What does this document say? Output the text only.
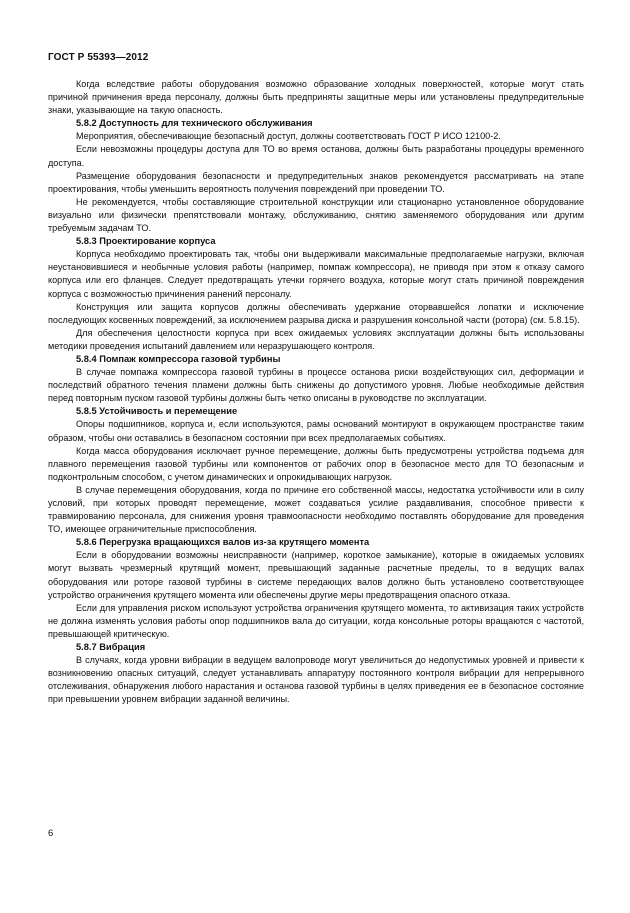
ГОСТ Р 55393—2012

Когда вследствие работы оборудования возможно образование холодных поверхностей, которые могут стать причиной причинения вреда персоналу, должны быть предприняты защитные меры или установлены предупредительные знаки, указывающие на такую опасность.

5.8.2 Доступность для технического обслуживания

Мероприятия, обеспечивающие безопасный доступ, должны соответствовать ГОСТ Р ИСО 12100-2.

Если невозможны процедуры доступа для ТО во время останова, должны быть разработаны процедуры временного доступа.

Размещение оборудования безопасности и предупредительных знаков рекомендуется рассматривать на этапе проектирования, чтобы уменьшить вероятность получения повреждений при проведении ТО.

Не рекомендуется, чтобы составляющие строительной конструкции или стационарно установленное оборудование визуально или физически препятствовали монтажу, обслуживанию, снятию заменяемого оборудования или другим требуемым задачам ТО.

5.8.3 Проектирование корпуса

Корпуса необходимо проектировать так, чтобы они выдерживали максимальные предполагаемые нагрузки, включая неустановившиеся и необычные условия работы (например, помпаж компрессора), не приводя при этом к отказу самого корпуса или его фланцев. Следует предотвращать утечки горячего воздуха, которые могут стать причиной повреждения корпуса с возможностью причинения ранений персоналу.

Конструкция или защита корпусов должны обеспечивать удержание оторвавшейся лопатки и исключение последующих косвенных повреждений, за исключением разрыва диска и разрушения консольной части (ротора) (см. 5.8.15).

Для обеспечения целостности корпуса при всех ожидаемых условиях эксплуатации должны быть использованы методики проведения испытаний давлением или неразрушающего контроля.

5.8.4 Помпаж компрессора газовой турбины

В случае помпажа компрессора газовой турбины в процессе останова риски воздействующих сил, деформации и последствий обратного течения пламени должны быть снижены до допустимого уровня. Любые необходимые действия перед повторным пуском газовой турбины должны быть четко описаны в руководстве по эксплуатации.

5.8.5 Устойчивость и перемещение

Опоры подшипников, корпуса и, если используются, рамы оснований монтируют в окружающем пространстве таким образом, чтобы они оставались в безопасном состоянии при всех предполагаемых событиях.

Когда масса оборудования исключает ручное перемещение, должны быть предусмотрены устройства подъема для плавного перемещения газовой турбины или компонентов от рабочих опор в безопасное место для ТО безопасным и подконтрольным способом, с учетом динамических и опрокидывающих нагрузок.

В случае перемещения оборудования, когда по причине его собственной массы, недостатка устойчивости или в силу условий, при которых проводят перемещение, может создаваться усилие раздавливания, способное привести к травмированию персонала, для снижения уровня травмоопасности необходимо поставлять оборудование для проведения ТО, имеющее ограничительные приспособления.

5.8.6 Перегрузка вращающихся валов из-за крутящего момента

Если в оборудовании возможны неисправности (например, короткое замыкание), которые в ожидаемых условиях могут вызвать чрезмерный крутящий момент, превышающий заданные расчетные пределы, то в ведущих валах оборудования или роторе газовой турбины в системе передающих валов должно быть установлено соответствующее устройство ограничения крутящего момента или обеспечены другие меры предотвращения опасного отказа.

Если для управления риском используют устройства ограничения крутящего момента, то активизация таких устройств не должна изменять условия работы опор подшипников вала до ситуации, когда консольные роторы вращаются с частотой, превышающей критическую.

5.8.7 Вибрация

В случаях, когда уровни вибрации в ведущем валопроводе могут увеличиться до недопустимых уровней и привести к возникновению опасных ситуаций, следует устанавливать аппаратуру постоянного контроля вибрации для непрерывного отслеживания, обнаружения любого нарастания и останова газовой турбины в целях приведения ее в безопасное состояние при превышении уровнем вибрации заданной величины.

6
